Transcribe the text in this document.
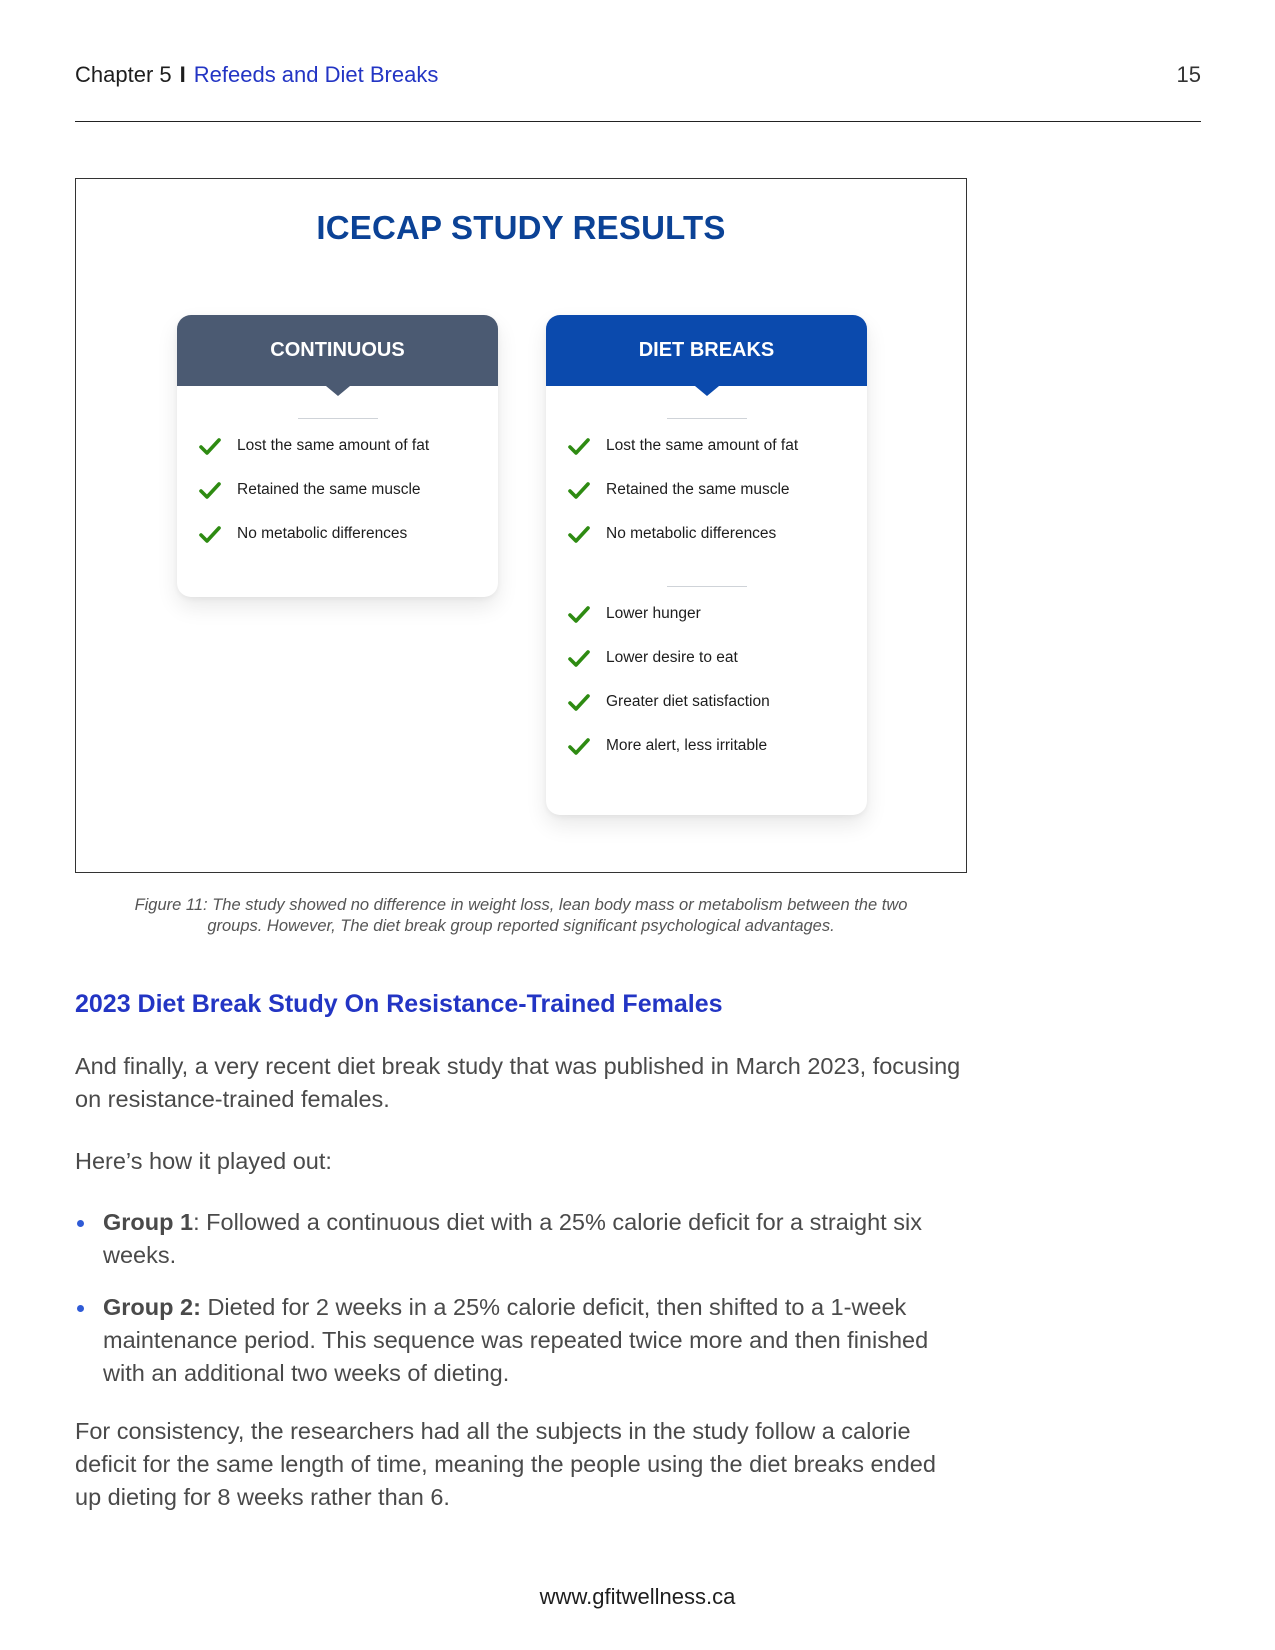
Chapter 5 I Refeeds and Diet Breaks	15
ICECAP STUDY RESULTS
CONTINUOUS
Lost the same amount of fat
Retained the same muscle
No metabolic differences
DIET BREAKS
Lost the same amount of fat
Retained the same muscle
No metabolic differences
Lower hunger
Lower desire to eat
Greater diet satisfaction
More alert, less irritable
Figure 11: The study showed no difference in weight loss, lean body mass or metabolism between the two
groups. However, The diet break group reported significant psychological advantages.
2023 Diet Break Study On Resistance-Trained Females
And finally, a very recent diet break study that was published in March 2023, focusing on resistance-trained females.
Here’s how it played out:
Group 1: Followed a continuous diet with a 25% calorie deficit for a straight six weeks.
Group 2: Dieted for 2 weeks in a 25% calorie deficit, then shifted to a 1-week maintenance period. This sequence was repeated twice more and then finished with an additional two weeks of dieting.
For consistency, the researchers had all the subjects in the study follow a calorie deficit for the same length of time, meaning the people using the diet breaks ended up dieting for 8 weeks rather than 6.
www.gfitwellness.ca
